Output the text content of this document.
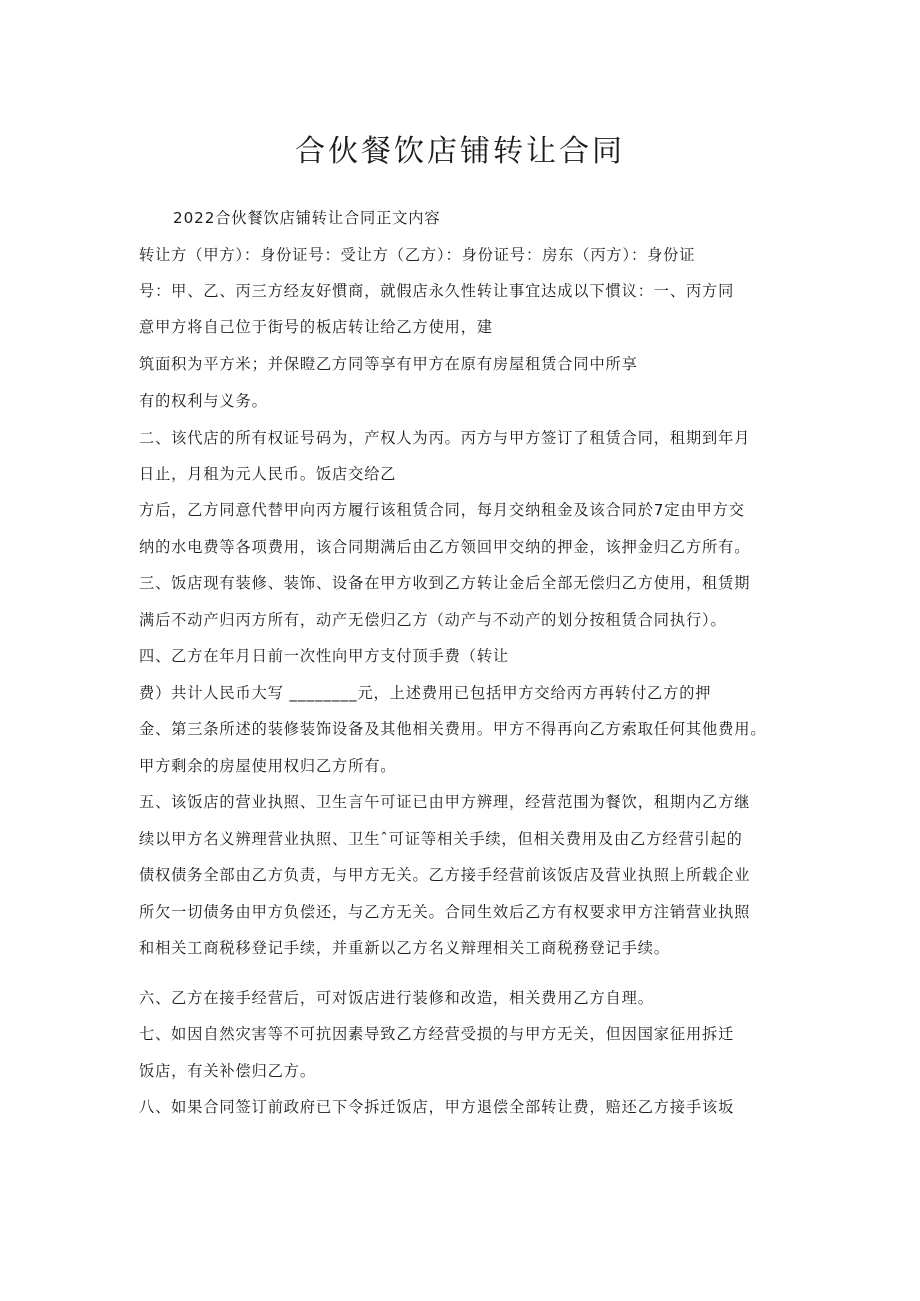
合伙餐饮店铺转让合同

2022合伙餐饮店铺转让合同正文内容

转让方（甲方）：身份证号：受让方（乙方）：身份证号：房东（丙方）：身份证

号：甲、乙、丙三方经友好慣商，就假店永久性转让事宜达成以下慣议：一、丙方同

意甲方将自己位于街号的板店转让给乙方使用，建

筑面积为平方米；并保瞪乙方同等享有甲方在原有房屋租赁合同中所享

有的权利与义务。

二、该代店的所有权证号码为，产权人为丙。丙方与甲方签订了租赁合同，租期到年月

日止，月租为元人民币。饭店交给乙

方后，乙方同意代替甲向丙方履行该租赁合同，每月交纳租金及该合同於7定由甲方交

纳的水电费等各项费用，该合同期满后由乙方领回甲交纳的押金，该押金归乙方所有。

三、饭店现有装修、装饰、设备在甲方收到乙方转让金后全部无偿归乙方使用，租赁期

满后不动产归丙方所有，动产无偿归乙方（动产与不动产的划分按租赁合同执行）。

四、乙方在年月日前一次性向甲方支付顶手费（转让

费）共计人民币大写 ________元，上述费用已包括甲方交给丙方再转付乙方的押

金、第三条所述的装修装饰设备及其他相关费用。甲方不得再向乙方索取任何其他费用。

甲方剩余的房屋使用权归乙方所有。

五、该饭店的营业执照、卫生言午可证已由甲方辨理，经营范围为餐饮，租期内乙方继

续以甲方名义辨理营业执照、卫生ˆ可证等相关手续，但相关费用及由乙方经营引起的

债权债务全部由乙方负责，与甲方无关。乙方接手经营前该饭店及营业执照上所载企业

所欠一切债务由甲方负偿还，与乙方无关。合同生效后乙方有权要求甲方注销营业执照

和相关工商税移登记手续，并重新以乙方名义辩理相关工商税務登记手续。

六、乙方在接手经营后，可对饭店进行装修和改造，相关费用乙方自理。

七、如因自然灾害等不可抗因素导致乙方经营受损的与甲方无关，但因国家征用拆迁

饭店，有关补偿归乙方。

八、如果合同签订前政府已下令拆迁饭店，甲方退偿全部转让费，赔还乙方接手该坂
